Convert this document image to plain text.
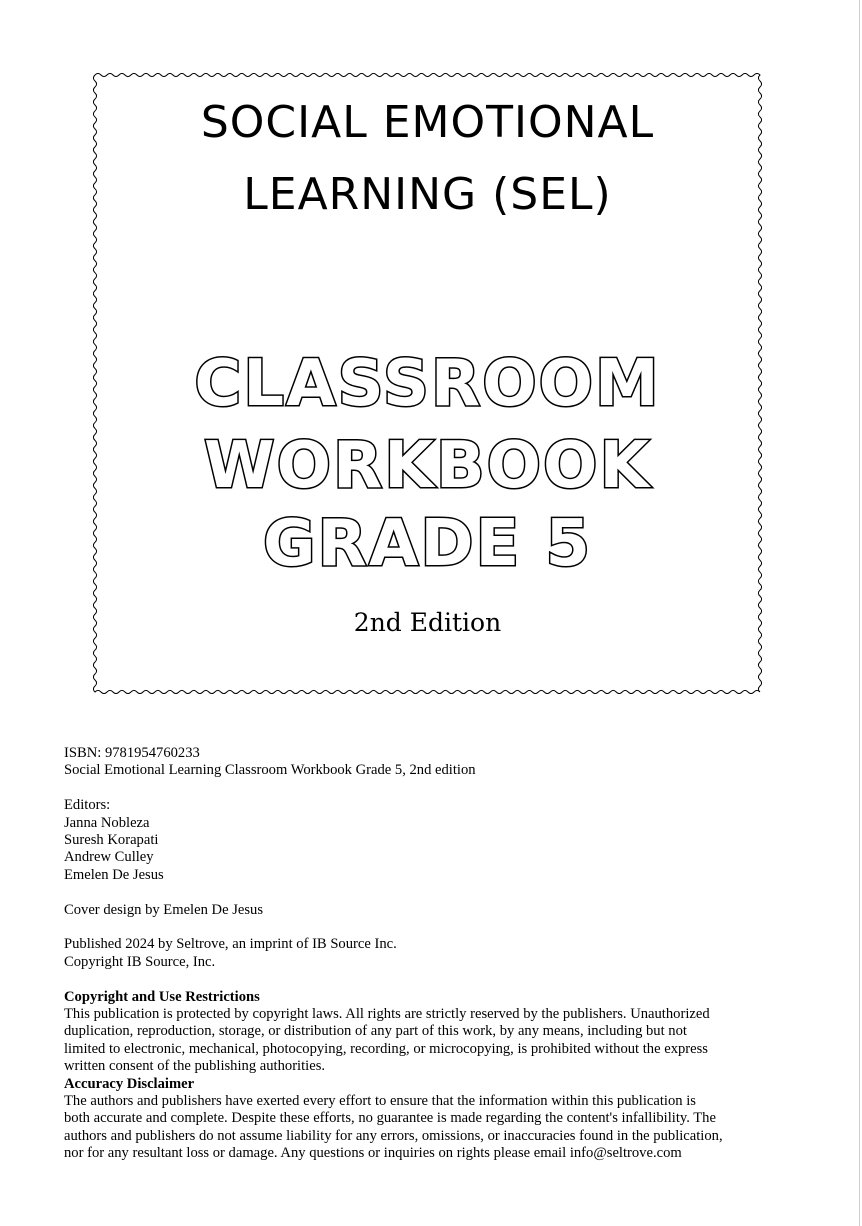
SOCIAL EMOTIONAL
LEARNING (SEL)
CLASSROOM
WORKBOOK
GRADE 5
2nd Edition

ISBN: 9781954760233

Social Emotional Learning Classroom Workbook Grade 5, 2nd edition

Editors:

Janna Nobleza

Suresh Korapati

Andrew Culley

Emelen De Jesus

Cover design by Emelen De Jesus

Published 2024 by Seltrove, an imprint of IB Source Inc.

Copyright IB Source, Inc.

Copyright and Use Restrictions

This publication is protected by copyright laws. All rights are strictly reserved by the publishers. Unauthorized

duplication, reproduction, storage, or distribution of any part of this work, by any means, including but not

limited to electronic, mechanical, photocopying, recording, or microcopying, is prohibited without the express

written consent of the publishing authorities.

Accuracy Disclaimer

The authors and publishers have exerted every effort to ensure that the information within this publication is

both accurate and complete. Despite these efforts, no guarantee is made regarding the content's infallibility. The

authors and publishers do not assume liability for any errors, omissions, or inaccuracies found in the publication,

nor for any resultant loss or damage. Any questions or inquiries on rights please email info@seltrove.com
